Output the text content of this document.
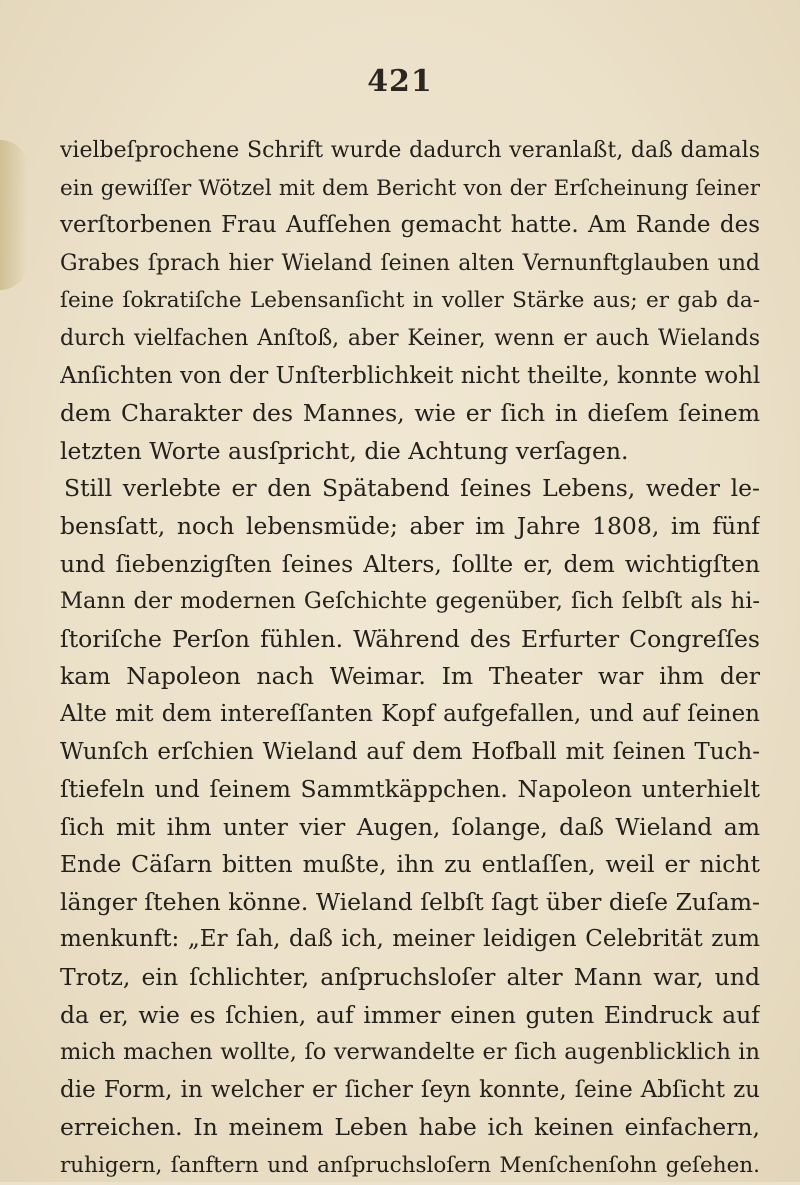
421
vielbeſprochene Schrift wurde dadurch veranlaßt, daß damals
ein gewiſſer Wötzel mit dem Bericht von der Erſcheinung ſeiner
verſtorbenen Frau Aufſehen gemacht hatte. Am Rande des
Grabes ſprach hier Wieland ſeinen alten Vernunftglauben und
ſeine ſokratiſche Lebensanſicht in voller Stärke aus; er gab da-
durch vielfachen Anſtoß, aber Keiner, wenn er auch Wielands
Anſichten von der Unſterblichkeit nicht theilte, konnte wohl
dem Charakter des Mannes, wie er ſich in dieſem ſeinem
letzten Worte ausſpricht, die Achtung verſagen.
Still verlebte er den Spätabend ſeines Lebens, weder le-
bensſatt, noch lebensmüde; aber im Jahre 1808, im fünf
und ſiebenzigſten ſeines Alters, ſollte er, dem wichtigſten
Mann der modernen Geſchichte gegenüber, ſich ſelbſt als hi-
ſtoriſche Perſon fühlen. Während des Erfurter Congreſſes
kam Napoleon nach Weimar. Im Theater war ihm der
Alte mit dem intereſſanten Kopf aufgefallen, und auf ſeinen
Wunſch erſchien Wieland auf dem Hofball mit ſeinen Tuch-
ſtiefeln und ſeinem Sammtkäppchen. Napoleon unterhielt
ſich mit ihm unter vier Augen, ſolange, daß Wieland am
Ende Cäſarn bitten mußte, ihn zu entlaſſen, weil er nicht
länger ſtehen könne. Wieland ſelbſt ſagt über dieſe Zuſam-
menkunft: „Er ſah, daß ich, meiner leidigen Celebrität zum
Trotz, ein ſchlichter, anſpruchsloſer alter Mann war, und
da er, wie es ſchien, auf immer einen guten Eindruck auf
mich machen wollte, ſo verwandelte er ſich augenblicklich in
die Form, in welcher er ſicher ſeyn konnte, ſeine Abſicht zu
erreichen. In meinem Leben habe ich keinen einfachern,
ruhigern, ſanftern und anſpruchsloſern Menſchenſohn geſehen.
